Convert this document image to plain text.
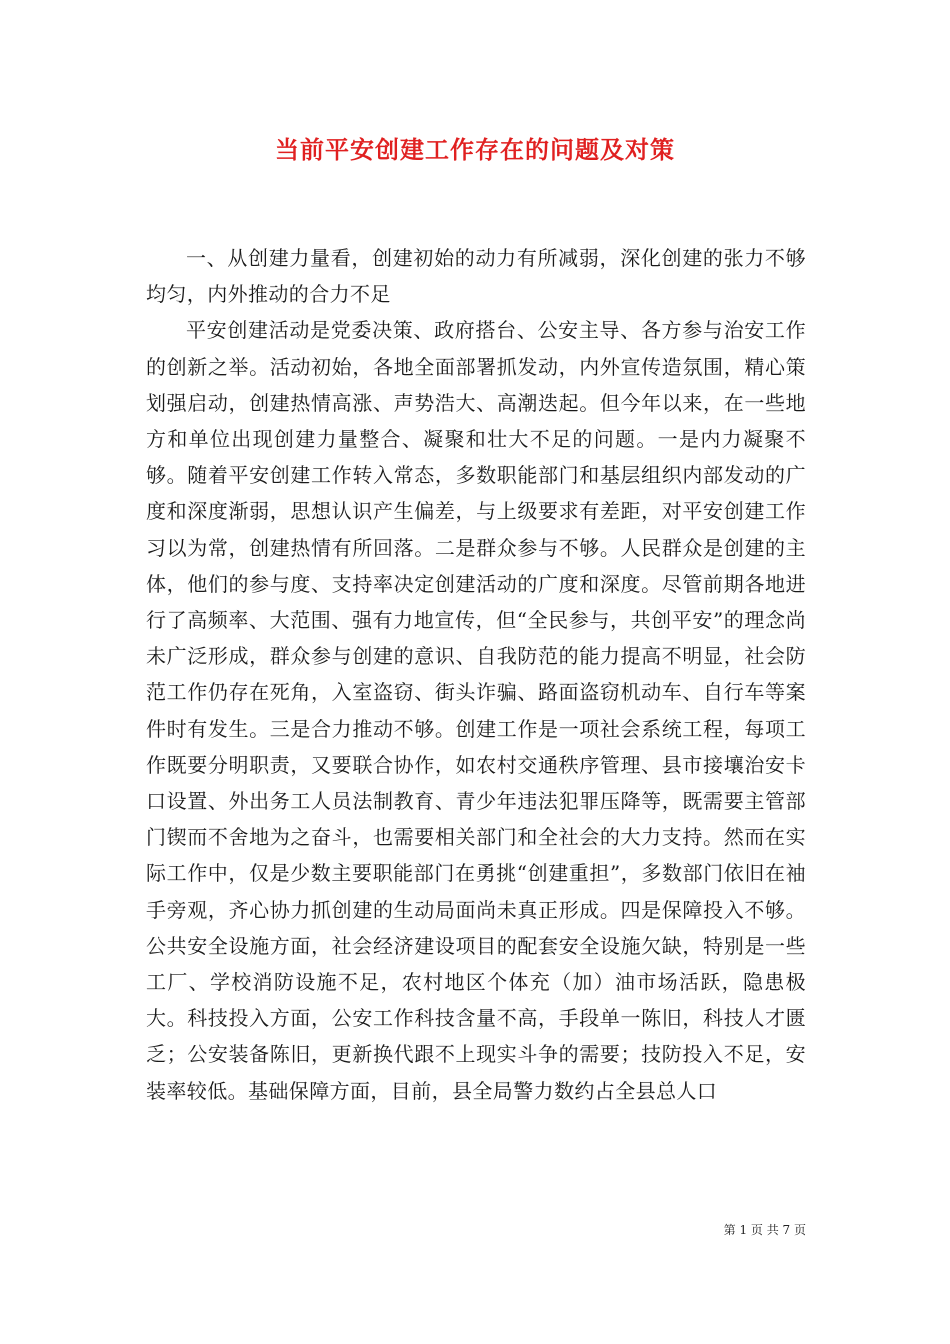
当前平安创建工作存在的问题及对策

一、从创建力量看，创建初始的动力有所减弱，深化创建的张力不够均匀，内外推动的合力不足

平安创建活动是党委决策、政府搭台、公安主导、各方参与治安工作的创新之举。活动初始，各地全面部署抓发动，内外宣传造氛围，精心策划强启动，创建热情高涨、声势浩大、高潮迭起。但今年以来，在一些地方和单位出现创建力量整合、凝聚和壮大不足的问题。一是内力凝聚不够。随着平安创建工作转入常态，多数职能部门和基层组织内部发动的广度和深度渐弱，思想认识产生偏差，与上级要求有差距，对平安创建工作习以为常，创建热情有所回落。二是群众参与不够。人民群众是创建的主体，他们的参与度、支持率决定创建活动的广度和深度。尽管前期各地进行了高频率、大范围、强有力地宣传，但“全民参与，共创平安”的理念尚未广泛形成，群众参与创建的意识、自我防范的能力提高不明显，社会防范工作仍存在死角，入室盗窃、街头诈骗、路面盗窃机动车、自行车等案件时有发生。三是合力推动不够。创建工作是一项社会系统工程，每项工作既要分明职责，又要联合协作，如农村交通秩序管理、县市接壤治安卡口设置、外出务工人员法制教育、青少年违法犯罪压降等，既需要主管部门锲而不舍地为之奋斗，也需要相关部门和全社会的大力支持。然而在实际工作中，仅是少数主要职能部门在勇挑“创建重担”，多数部门依旧在袖手旁观，齐心协力抓创建的生动局面尚未真正形成。四是保障投入不够。公共安全设施方面，社会经济建设项目的配套安全设施欠缺，特别是一些工厂、学校消防设施不足，农村地区个体充（加）油市场活跃，隐患极大。科技投入方面，公安工作科技含量不高，手段单一陈旧，科技人才匮乏；公安装备陈旧，更新换代跟不上现实斗争的需要；技防投入不足，安装率较低。基础保障方面，目前，县全局警力数约占全县总人口

第 1 页 共 7 页
